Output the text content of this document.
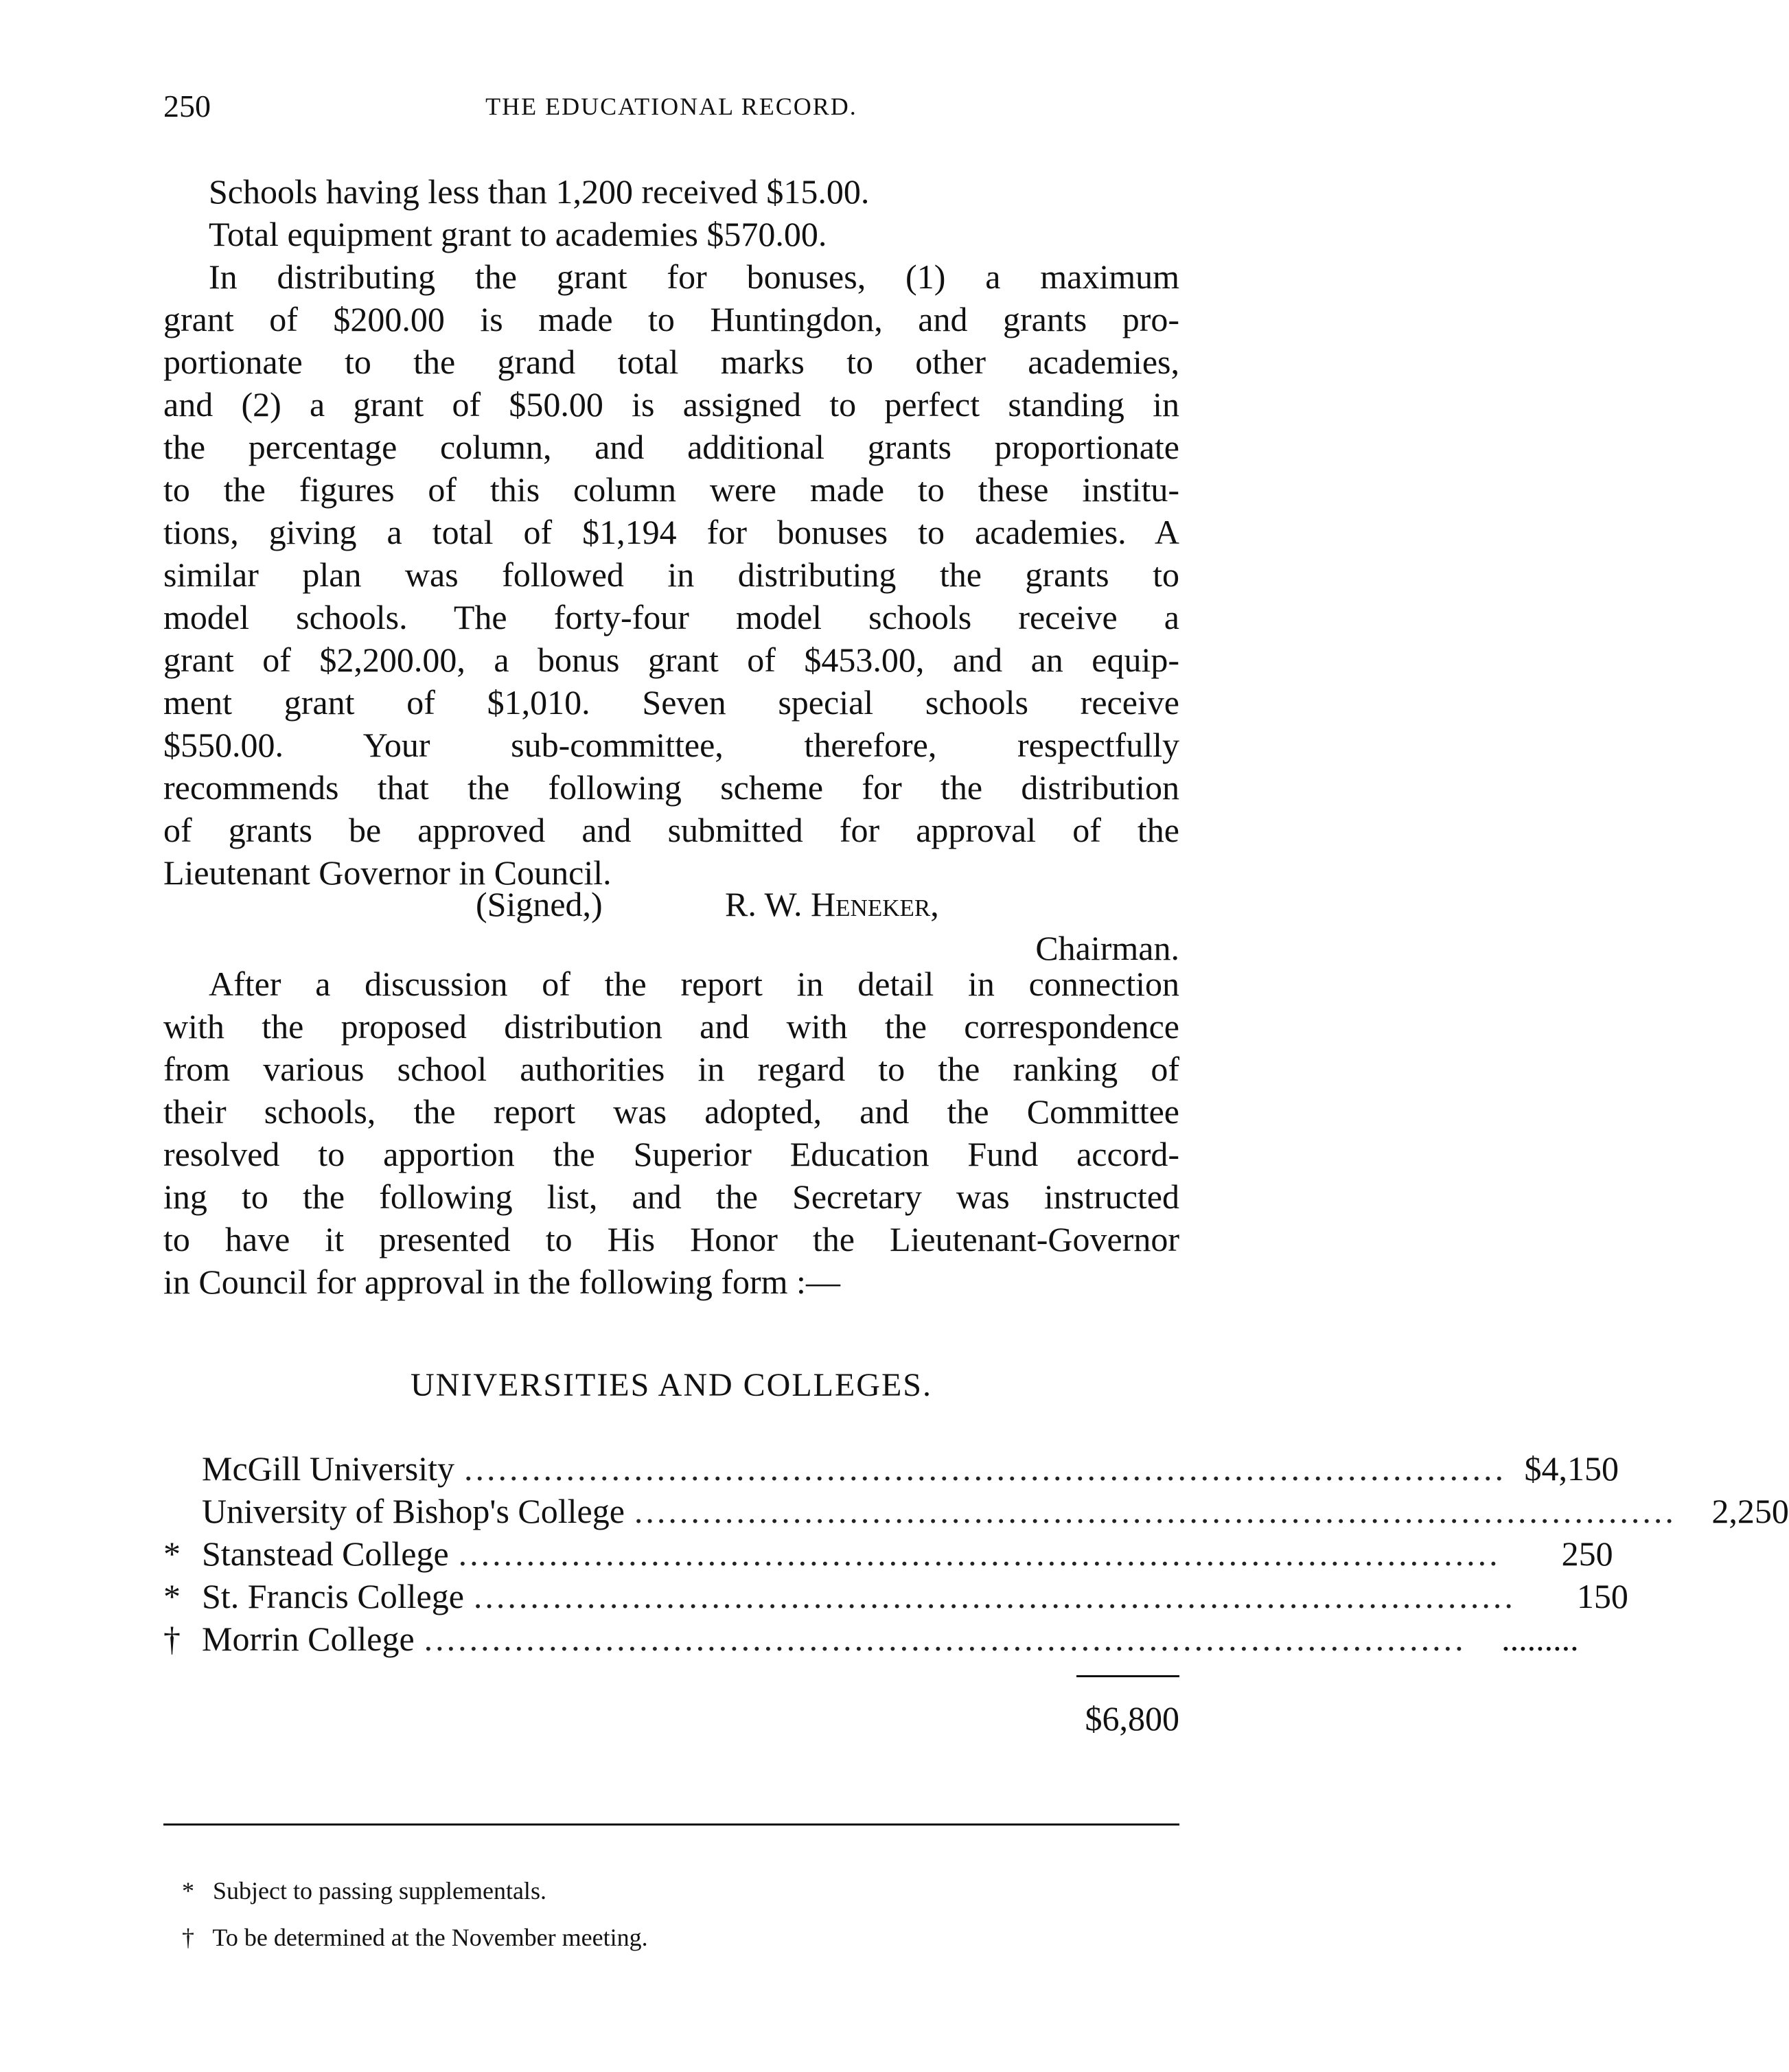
250	THE EDUCATIONAL RECORD.
Schools having less than 1,200 received $15.00.
Total equipment grant to academies $570.00.
In distributing the grant for bonuses, (1) a maximum
grant of $200.00 is made to Huntingdon, and grants pro-
portionate to the grand total marks to other academies,
and (2) a grant of $50.00 is assigned to perfect standing in
the percentage column, and additional grants proportionate
to the figures of this column were made to these institu-
tions, giving a total of $1,194 for bonuses to academies. A
similar plan was followed in distributing the grants to
model schools. The forty-four model schools receive a
grant of $2,200.00, a bonus grant of $453.00, and an equip-
ment grant of $1,010. Seven special schools receive
$550.00. Your sub-committee, therefore, respectfully
recommends that the following scheme for the distribution
of grants be approved and submitted for approval of the
Lieutenant Governor in Council.
(Signed,)	R. W. Heneker,
Chairman.
After a discussion of the report in detail in connection
with the proposed distribution and with the correspondence
from various school authorities in regard to the ranking of
their schools, the report was adopted, and the Committee
resolved to apportion the Superior Education Fund accord-
ing to the following list, and the Secretary was instructed
to have it presented to His Honor the Lieutenant-Governor
in Council for approval in the following form :—
UNIVERSITIES AND COLLEGES.
McGill University ............................................................................................ $4,150
University of Bishop's College ............................................................................................	2,250
* Stanstead College ............................................................................................	250
* St. Francis College ............................................................................................	150
† Morrin College ............................................................................................	.........
$6,800
* Subject to passing supplementals.
† To be determined at the November meeting.
